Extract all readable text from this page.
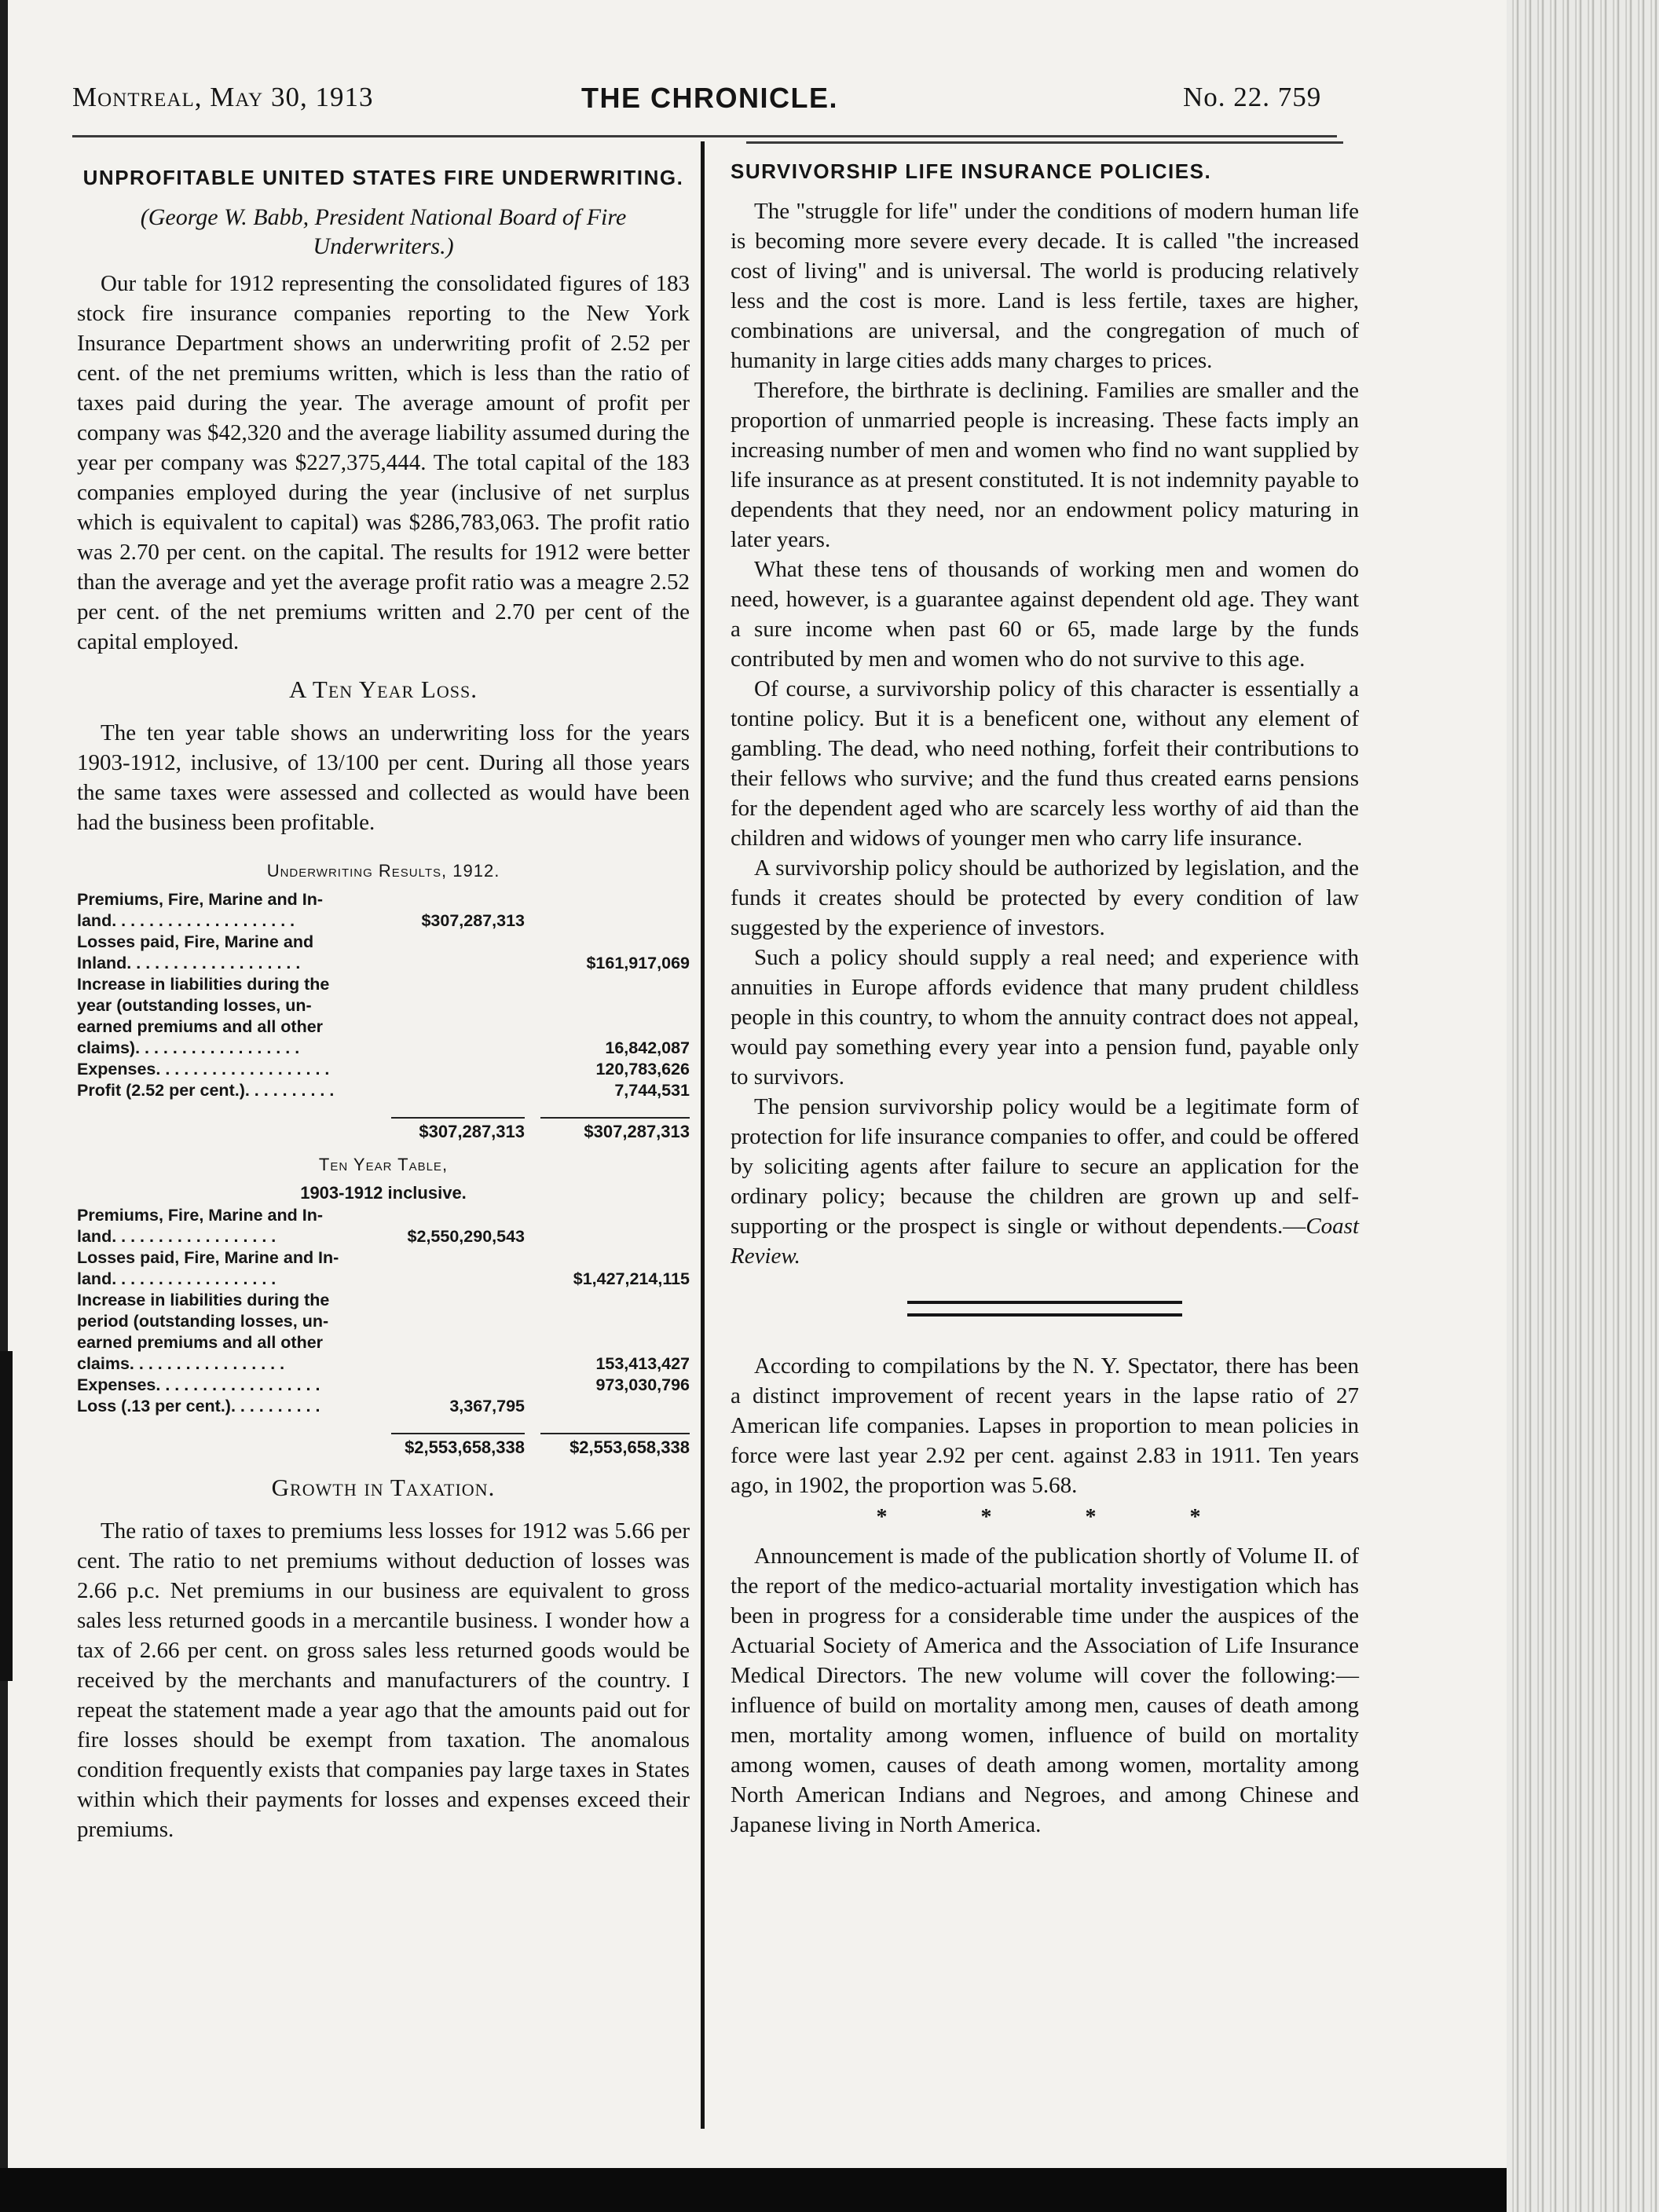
Montreal, May 30, 1913	THE CHRONICLE.	No. 22. 759
UNPROFITABLE UNITED STATES FIRE UNDERWRITING.
(George W. Babb, President National Board of Fire Underwriters.)

Our table for 1912 representing the consolidated figures of 183 stock fire insurance companies reporting to the New York Insurance Department shows an underwriting profit of 2.52 per cent. of the net premiums written, which is less than the ratio of taxes paid during the year. The average amount of profit per company was $42,320 and the average liability assumed during the year per company was $227,375,444. The total capital of the 183 companies employed during the year (inclusive of net surplus which is equivalent to capital) was $286,783,063. The profit ratio was 2.70 per cent. on the capital. The results for 1912 were better than the average and yet the average profit ratio was a meagre 2.52 per cent. of the net premiums written and 2.70 per cent of the capital employed.

A Ten Year Loss.

The ten year table shows an underwriting loss for the years 1903-1912, inclusive, of 13/100 per cent. During all those years the same taxes were assessed and collected as would have been had the business been profitable.

Underwriting Results, 1912.
Premiums, Fire, Marine and In-
land. . . . . . . . . . . . . . . . . . . .	$307,287,313
Losses paid, Fire, Marine and
Inland. . . . . . . . . . . . . . . . . . .	$161,917,069
Increase in liabilities during the
year (outstanding losses, un-
earned premiums and all other
claims). . . . . . . . . . . . . . . . . .	16,842,087
Expenses. . . . . . . . . . . . . . . . . . .	120,783,626
Profit (2.52 per cent.). . . . . . . . . .	7,744,531
$307,287,313	$307,287,313
Ten Year Table,
1903-1912 inclusive.
Premiums, Fire, Marine and In-
land. . . . . . . . . . . . . . . . . .	$2,550,290,543
Losses paid, Fire, Marine and In-
land. . . . . . . . . . . . . . . . . .	$1,427,214,115
Increase in liabilities during the
period (outstanding losses, un-
earned premiums and all other
claims. . . . . . . . . . . . . . . . .	153,413,427
Expenses. . . . . . . . . . . . . . . . . .	973,030,796
Loss (.13 per cent.). . . . . . . . . .	3,367,795
$2,553,658,338	$2,553,658,338
Growth in Taxation.

The ratio of taxes to premiums less losses for 1912 was 5.66 per cent. The ratio to net premiums without deduction of losses was 2.66 p.c. Net premiums in our business are equivalent to gross sales less returned goods in a mercantile business. I wonder how a tax of 2.66 per cent. on gross sales less returned goods would be received by the merchants and manufacturers of the country. I repeat the statement made a year ago that the amounts paid out for fire losses should be exempt from taxation. The anomalous condition frequently exists that companies pay large taxes in States within which their payments for losses and expenses exceed their premiums.

SURVIVORSHIP LIFE INSURANCE POLICIES.

The "struggle for life" under the conditions of modern human life is becoming more severe every decade. It is called "the increased cost of living" and is universal. The world is producing relatively less and the cost is more. Land is less fertile, taxes are higher, combinations are universal, and the congregation of much of humanity in large cities adds many charges to prices.

Therefore, the birthrate is declining. Families are smaller and the proportion of unmarried people is increasing. These facts imply an increasing number of men and women who find no want supplied by life insurance as at present constituted. It is not indemnity payable to dependents that they need, nor an endowment policy maturing in later years.

What these tens of thousands of working men and women do need, however, is a guarantee against dependent old age. They want a sure income when past 60 or 65, made large by the funds contributed by men and women who do not survive to this age.

Of course, a survivorship policy of this character is essentially a tontine policy. But it is a beneficent one, without any element of gambling. The dead, who need nothing, forfeit their contributions to their fellows who survive; and the fund thus created earns pensions for the dependent aged who are scarcely less worthy of aid than the children and widows of younger men who carry life insurance.

A survivorship policy should be authorized by legislation, and the funds it creates should be protected by every condition of law suggested by the experience of investors.

Such a policy should supply a real need; and experience with annuities in Europe affords evidence that many prudent childless people in this country, to whom the annuity contract does not appeal, would pay something every year into a pension fund, payable only to survivors.

The pension survivorship policy would be a legitimate form of protection for life insurance companies to offer, and could be offered by soliciting agents after failure to secure an application for the ordinary policy; because the children are grown up and self-supporting or the prospect is single or without dependents.—Coast Review.

According to compilations by the N. Y. Spectator, there has been a distinct improvement of recent years in the lapse ratio of 27 American life companies. Lapses in proportion to mean policies in force were last year 2.92 per cent. against 2.83 in 1911. Ten years ago, in 1902, the proportion was 5.68.

* * * *

Announcement is made of the publication shortly of Volume II. of the report of the medico-actuarial mortality investigation which has been in progress for a considerable time under the auspices of the Actuarial Society of America and the Association of Life Insurance Medical Directors. The new volume will cover the following:—influence of build on mortality among men, causes of death among men, mortality among women, influence of build on mortality among women, causes of death among women, mortality among North American Indians and Negroes, and among Chinese and Japanese living in North America.
